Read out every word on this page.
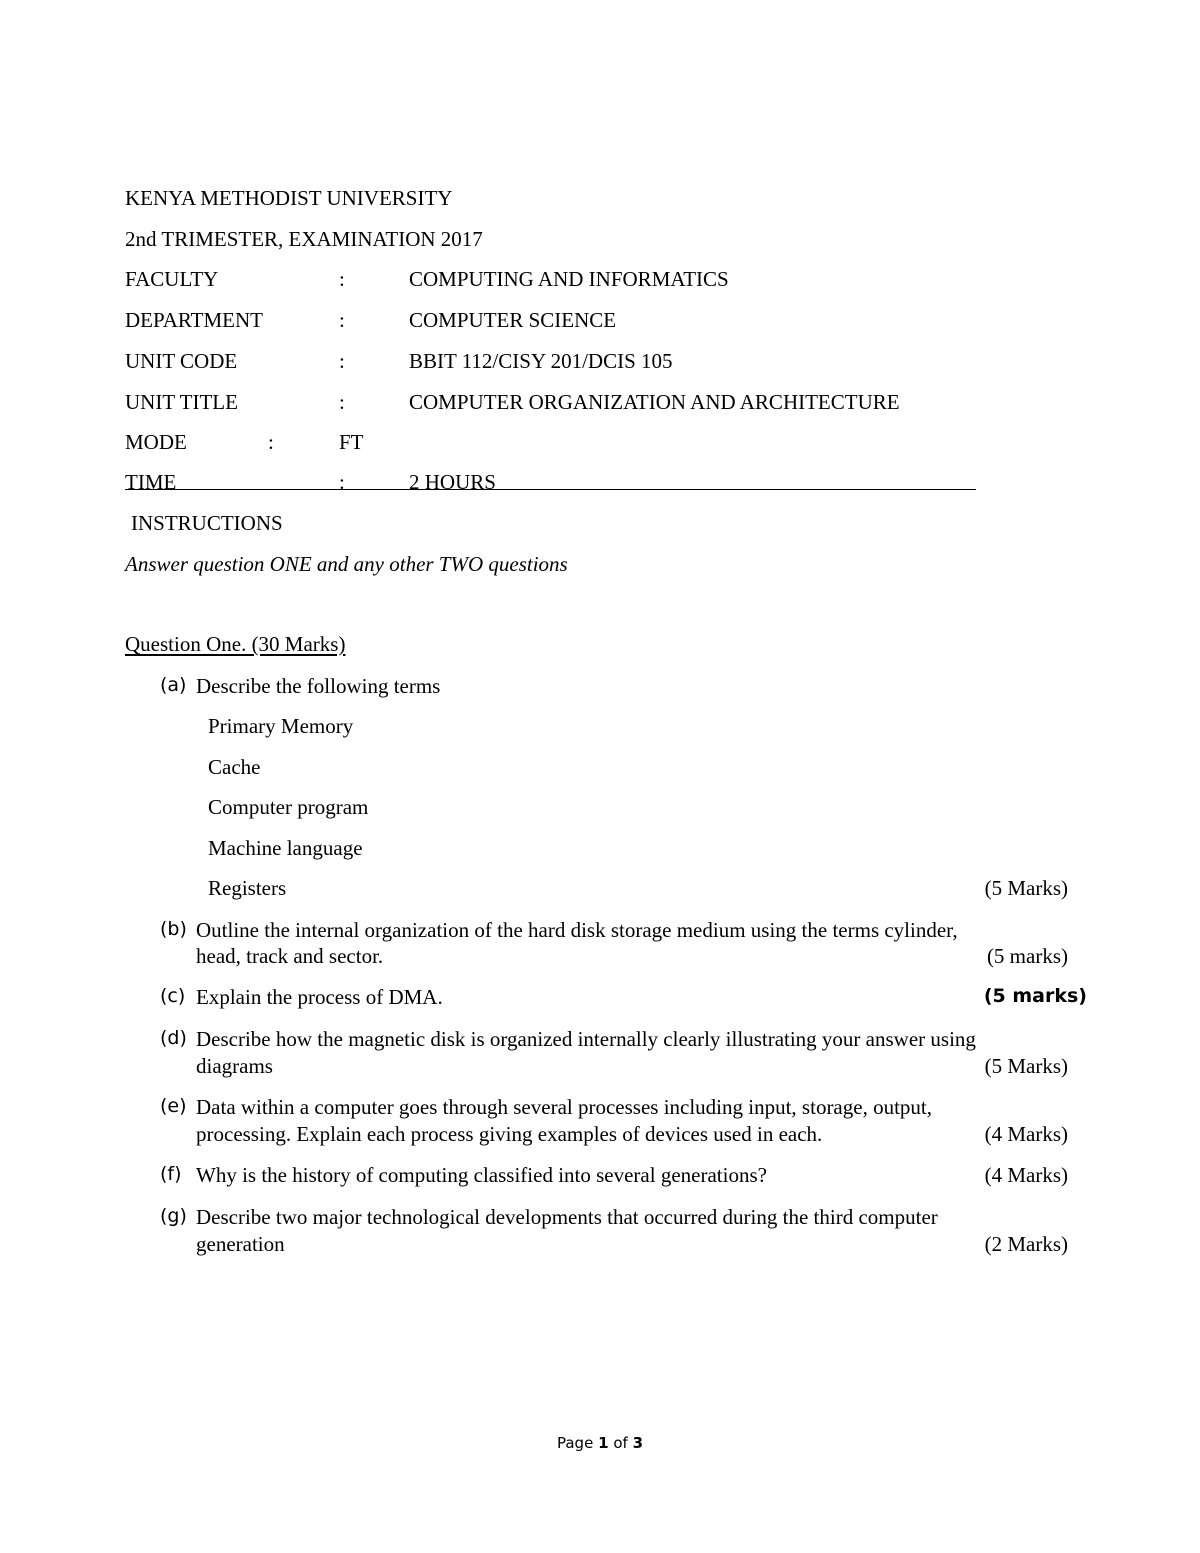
KENYA METHODIST UNIVERSITY
2nd TRIMESTER, EXAMINATION 2017
FACULTY	:	COMPUTING AND INFORMATICS
DEPARTMENT	:	COMPUTER SCIENCE
UNIT CODE	:	BBIT 112/CISY 201/DCIS 105
UNIT TITLE	:	COMPUTER ORGANIZATION AND ARCHITECTURE
MODE	:	FT
TIME	:	2 HOURS
INSTRUCTIONS
Answer question ONE and any other TWO questions
Question One. (30 Marks)
(a) Describe the following terms
Primary Memory
Cache
Computer program
Machine language
Registers	(5 Marks)
(b) Outline the internal organization of the hard disk storage medium using the terms cylinder,
head, track and sector.	(5 marks)
(c) Explain the process of DMA.	(5 marks)
(d) Describe how the magnetic disk is organized internally clearly illustrating your answer using
diagrams	(5 Marks)
(e) Data within a computer goes through several processes including input, storage, output,
processing. Explain each process giving examples of devices used in each.	(4 Marks)
(f) Why is the history of computing classified into several generations?	(4 Marks)
(g) Describe two major technological developments that occurred during the third computer
generation	(2 Marks)
Page 1 of 3
